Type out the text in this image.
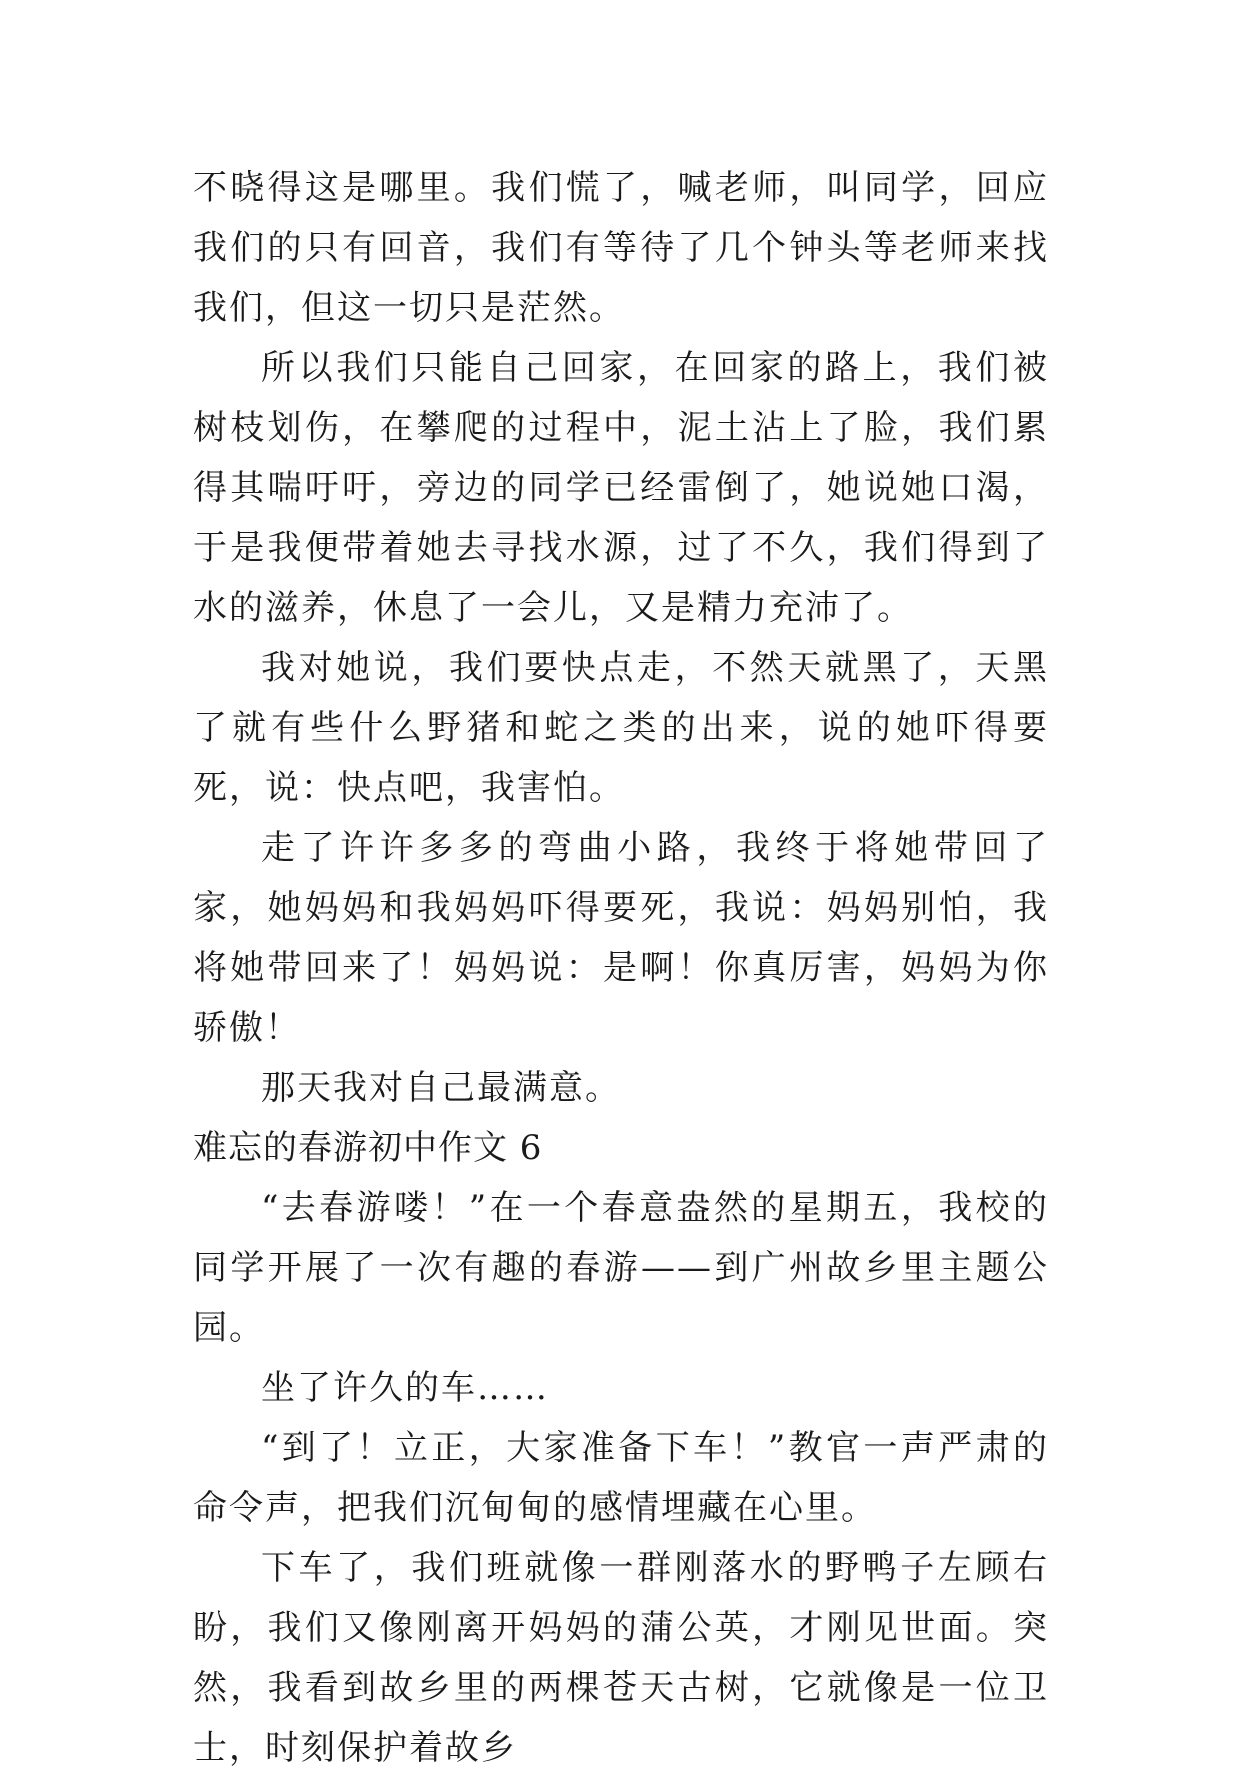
不晓得这是哪里。我们慌了，喊老师，叫同学，回应我们的只有回音，我们有等待了几个钟头等老师来找我们，但这一切只是茫然。

所以我们只能自己回家，在回家的路上，我们被树枝划伤，在攀爬的过程中，泥土沾上了脸，我们累得其喘吁吁，旁边的同学已经雷倒了，她说她口渴，于是我便带着她去寻找水源，过了不久，我们得到了水的滋养，休息了一会儿，又是精力充沛了。

我对她说，我们要快点走，不然天就黑了，天黑了就有些什么野猪和蛇之类的出来，说的她吓得要死，说：快点吧，我害怕。

走了许许多多的弯曲小路，我终于将她带回了家，她妈妈和我妈妈吓得要死，我说：妈妈别怕，我将她带回来了！妈妈说：是啊！你真厉害，妈妈为你骄傲！

那天我对自己最满意。

难忘的春游初中作文 6

“去春游喽！”在一个春意盎然的星期五，我校的同学开展了一次有趣的春游——到广州故乡里主题公园。

坐了许久的车……

“到了！立正，大家准备下车！”教官一声严肃的命令声，把我们沉甸甸的感情埋藏在心里。

下车了，我们班就像一群刚落水的野鸭子左顾右盼，我们又像刚离开妈妈的蒲公英，才刚见世面。突然，我看到故乡里的两棵苍天古树，它就像是一位卫士，时刻保护着故乡
